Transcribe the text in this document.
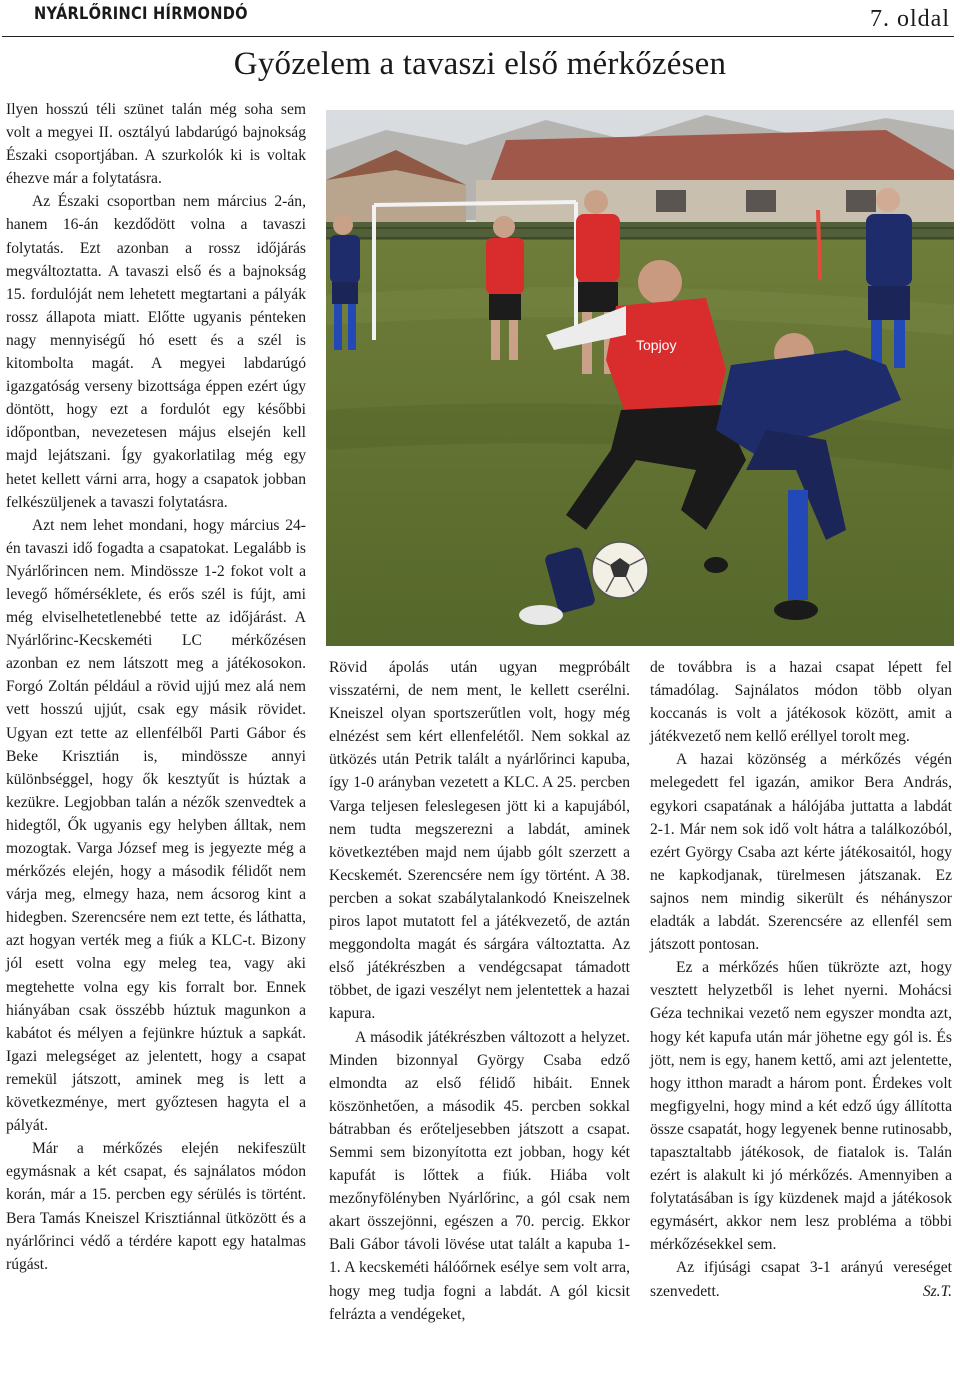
NYÁRLŐRINCI HÍRMONDÓ	7. oldal
Győzelem a tavaszi első mérkőzésen

Ilyen hosszú téli szünet talán még soha sem volt a megyei II. osztályú labdarúgó bajnokság Északi csoportjában. A szurkolók ki is voltak éhezve már a folytatásra.

Az Északi csoportban nem március 2-án, hanem 16-án kezdődött volna a tavaszi folytatás. Ezt azonban a rossz időjárás megváltoztatta. A tavaszi első és a bajnokság 15. fordulóját nem lehetett megtartani a pályák rossz állapota miatt. Előtte ugyanis pénteken nagy mennyiségű hó esett és a szél is kitombolta magát. A megyei labdarúgó igazgatóság verseny bizottsága éppen ezért úgy döntött, hogy ezt a fordulót egy későbbi időpontban, nevezetesen május elsején kell majd lejátszani. Így gyakorlatilag még egy hetet kellett várni arra, hogy a csapatok jobban felkészüljenek a tavaszi folytatásra.

Azt nem lehet mondani, hogy március 24-én tavaszi idő fogadta a csapatokat. Legalább is Nyárlőrincen nem. Mindössze 1-2 fokot volt a levegő hőmérséklete, és erős szél is fújt, ami még elviselhetetlenebbé tette az időjárást. A Nyárlőrinc-Kecskeméti LC mérkőzésen azonban ez nem látszott meg a játékosokon. Forgó Zoltán például a rövid ujjú mez alá nem vett hosszú ujjút, csak egy másik rövidet. Ugyan ezt tette az ellenfélből Parti Gábor és Beke Krisztián is, mindössze annyi különbséggel, hogy ők kesztyűt is húztak a kezükre. Legjobban talán a nézők szenvedtek a hidegtől, Ők ugyanis egy helyben álltak, nem mozogtak. Varga József meg is jegyezte még a mérkőzés elején, hogy a második félidőt nem várja meg, elmegy haza, nem ácsorog kint a hidegben. Szerencsére nem ezt tette, és láthatta, azt hogyan verték meg a fiúk a KLC-t. Bizony jól esett volna egy meleg tea, vagy aki megtehette volna egy kis forralt bor. Ennek hiányában csak összébb húztuk magunkon a kabátot és mélyen a fejünkre húztuk a sapkát. Igazi melegséget az jelentett, hogy a csapat remekül játszott, aminek meg is lett a következménye, mert győztesen hagyta el a pályát.

Már a mérkőzés elején nekifeszült egymásnak a két csapat, és sajnálatos módon korán, már a 15. percben egy sérülés is történt. Bera Tamás Kneiszel Krisztiánnal ütközött és a nyárlőrinci védő a térdére kapott egy hatalmas rúgást.

Topjoy

Rövid ápolás után ugyan megpróbált visszatérni, de nem ment, le kellett cserélni. Kneiszel olyan sportszerűtlen volt, hogy még elnézést sem kért ellenfelétől. Nem sokkal az ütközés után Petrik talált a nyárlőrinci kapuba, így 1-0 arányban vezetett a KLC. A 25. percben Varga teljesen feleslegesen jött ki a kapujából, nem tudta megszerezni a labdát, aminek következtében majd nem újabb gólt szerzett a Kecskemét. Szerencsére nem így történt. A 38. percben a sokat szabálytalankodó Kneiszelnek piros lapot mutatott fel a játékvezető, de aztán meggondolta magát és sárgára változtatta. Az első játékrészben a vendégcsapat támadott többet, de igazi veszélyt nem jelentettek a hazai kapura.

A második játékrészben változott a helyzet. Minden bizonnyal György Csaba edző elmondta az első félidő hibáit. Ennek köszönhetően, a második 45. percben sokkal bátrabban és erőteljesebben játszott a csapat. Semmi sem bizonyította ezt jobban, hogy két kapufát is lőttek a fiúk. Hiába volt mezőnyfölényben Nyárlőrinc, a gól csak nem akart összejönni, egészen a 70. percig. Ekkor Bali Gábor távoli lövése utat talált a kapuba 1-1. A kecskeméti hálóőrnek esélye sem volt arra, hogy meg tudja fogni a labdát. A gól kicsit felrázta a vendégeket,

de továbbra is a hazai csapat lépett fel támadólag. Sajnálatos módon több olyan koccanás is volt a játékosok között, amit a játékvezető nem kellő eréllyel torolt meg.

A hazai közönség a mérkőzés végén melegedett fel igazán, amikor Bera András, egykori csapatának a hálójába juttatta a labdát 2-1. Már nem sok idő volt hátra a találkozóból, ezért György Csaba azt kérte játékosaitól, hogy ne kapkodjanak, türelmesen játszanak. Ez sajnos nem mindig sikerült és néhányszor eladták a labdát. Szerencsére az ellenfél sem játszott pontosan.

Ez a mérkőzés hűen tükrözte azt, hogy vesztett helyzetből is lehet nyerni. Mohácsi Géza technikai vezető nem egyszer mondta azt, hogy két kapufa után már jöhetne egy gól is. És jött, nem is egy, hanem kettő, ami azt jelentette, hogy itthon maradt a három pont. Érdekes volt megfigyelni, hogy mind a két edző úgy állította össze csapatát, hogy legyenek benne rutinosabb, tapasztaltabb játékosok, de fiatalok is. Talán ezért is alakult ki jó mérkőzés. Amennyiben a folytatásában is így küzdenek majd a játékosok egymásért, akkor nem lesz probléma a többi mérkőzésekkel sem.

Az ifjúsági csapat 3-1 arányú vereséget szenvedett.	Sz.T.
